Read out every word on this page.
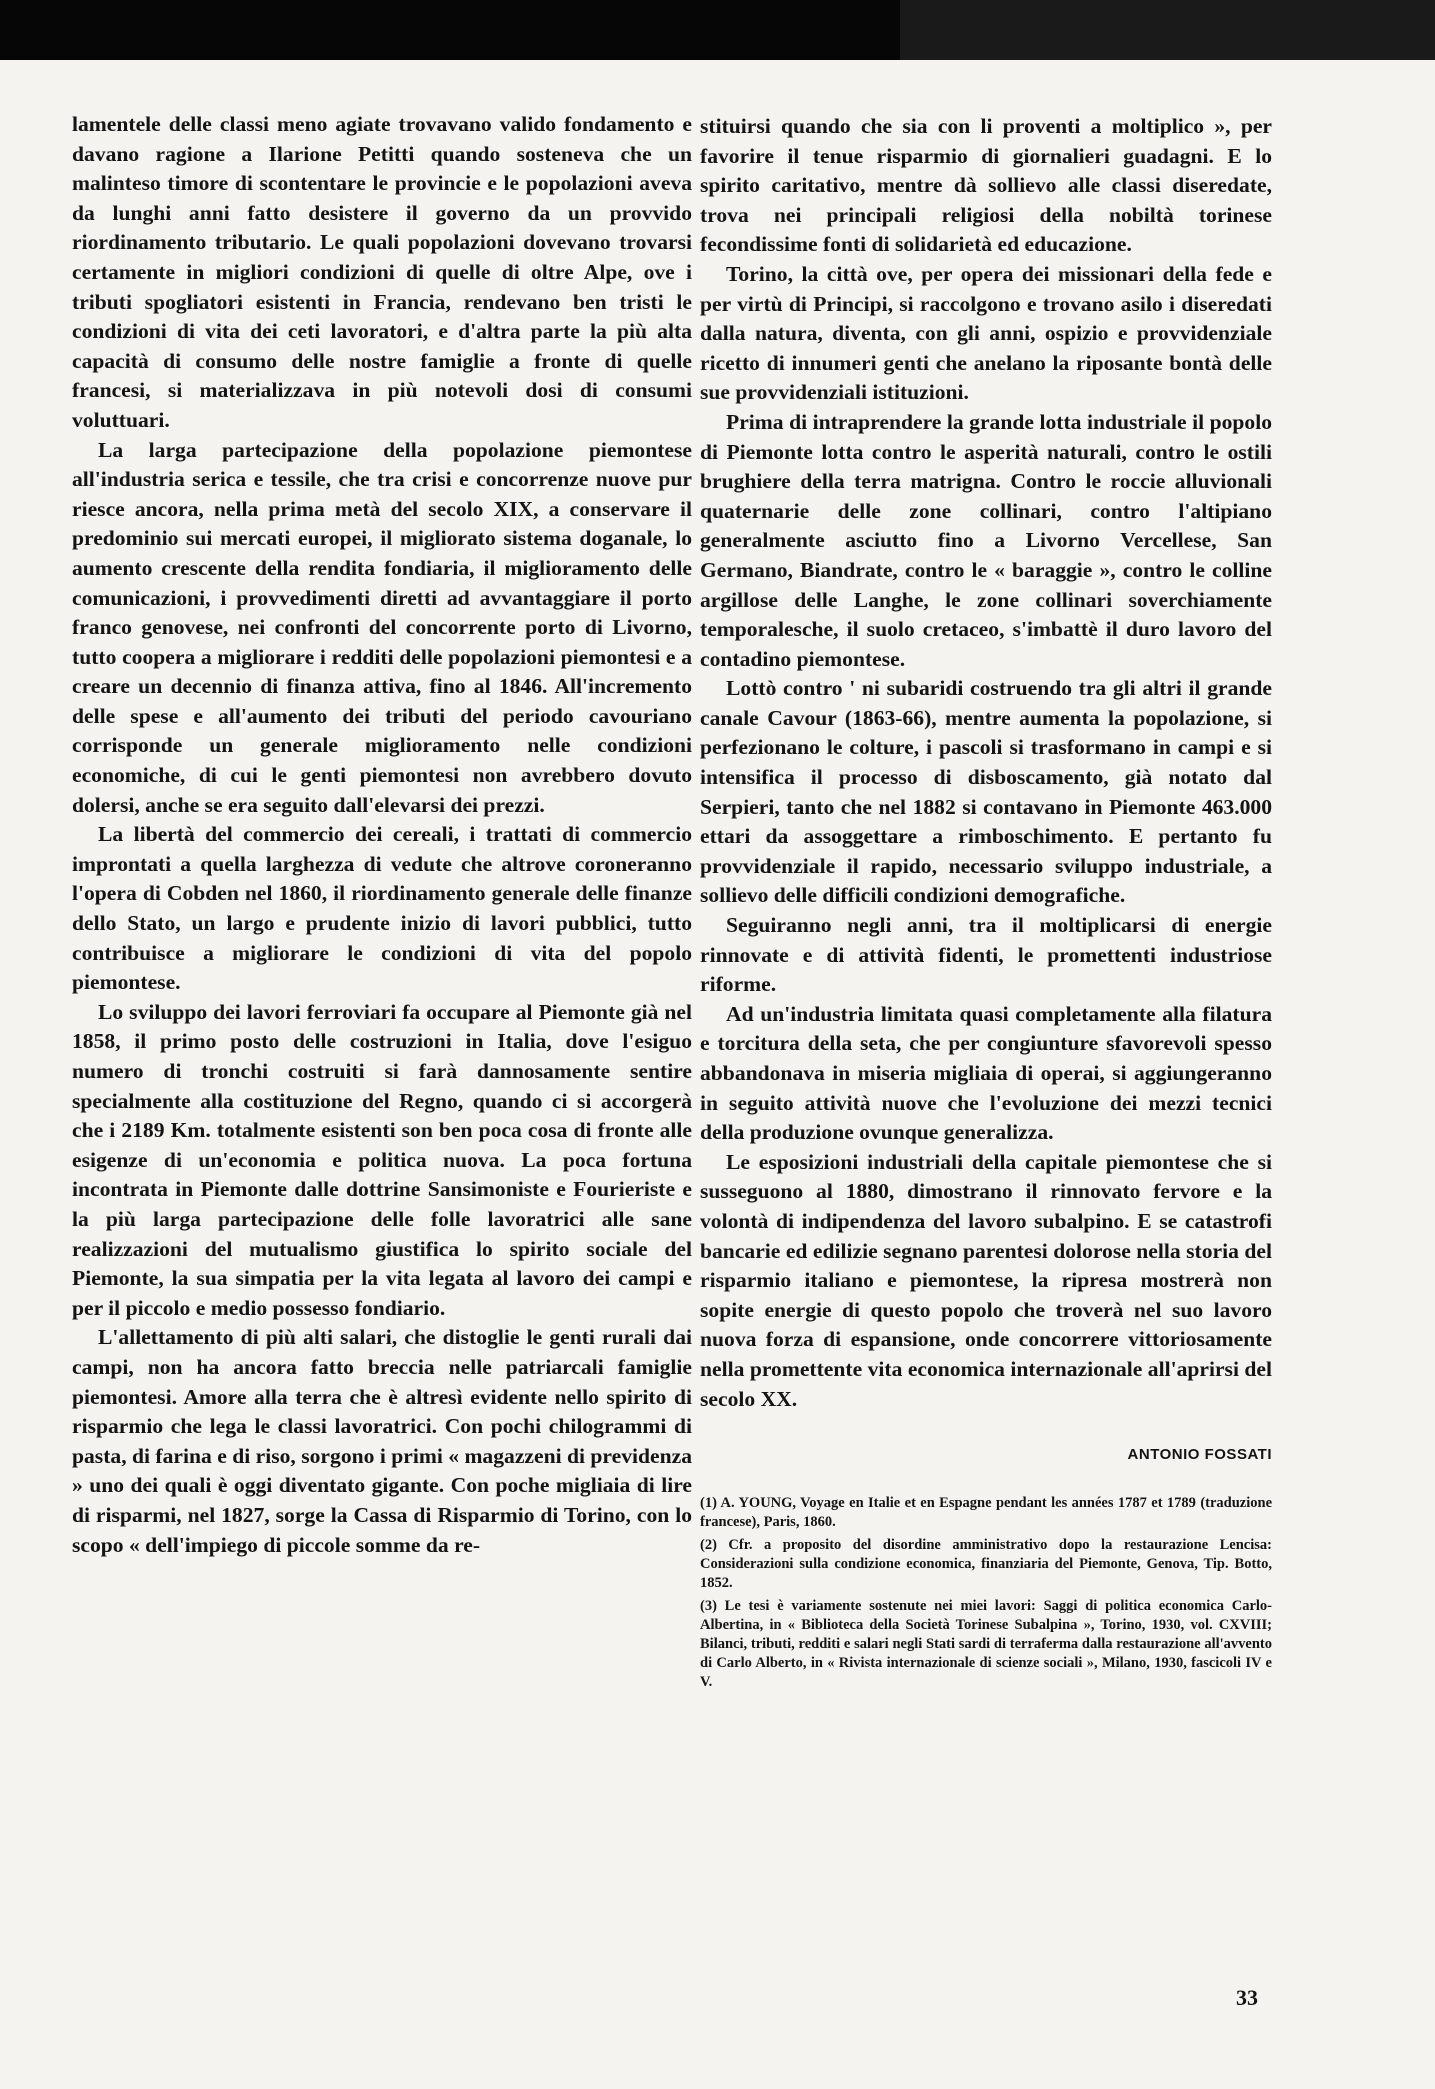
lamentele delle classi meno agiate trovavano valido fondamento e davano ragione a Ilarione Petitti quando sosteneva che un malinteso timore di scontentare le provincie e le popolazioni aveva da lunghi anni fatto desistere il governo da un provvido riordinamento tributario. Le quali popolazioni dovevano trovarsi certamente in migliori condizioni di quelle di oltre Alpe, ove i tributi spogliatori esistenti in Francia, rendevano ben tristi le condizioni di vita dei ceti lavoratori, e d'altra parte la più alta capacità di consumo delle nostre famiglie a fronte di quelle francesi, si materializzava in più notevoli dosi di consumi voluttuari.

La larga partecipazione della popolazione piemontese all'industria serica e tessile, che tra crisi e concorrenze nuove pur riesce ancora, nella prima metà del secolo XIX, a conservare il predominio sui mercati europei, il migliorato sistema doganale, lo aumento crescente della rendita fondiaria, il miglioramento delle comunicazioni, i provvedimenti diretti ad avvantaggiare il porto franco genovese, nei confronti del concorrente porto di Livorno, tutto coopera a migliorare i redditi delle popolazioni piemontesi e a creare un decennio di finanza attiva, fino al 1846. All'incremento delle spese e all'aumento dei tributi del periodo cavouriano corrisponde un generale miglioramento nelle condizioni economiche, di cui le genti piemontesi non avrebbero dovuto dolersi, anche se era seguito dall'elevarsi dei prezzi.

La libertà del commercio dei cereali, i trattati di commercio improntati a quella larghezza di vedute che altrove coroneranno l'opera di Cobden nel 1860, il riordinamento generale delle finanze dello Stato, un largo e prudente inizio di lavori pubblici, tutto contribuisce a migliorare le condizioni di vita del popolo piemontese.

Lo sviluppo dei lavori ferroviari fa occupare al Piemonte già nel 1858, il primo posto delle costruzioni in Italia, dove l'esiguo numero di tronchi costruiti si farà dannosamente sentire specialmente alla costituzione del Regno, quando ci si accorgerà che i 2189 Km. totalmente esistenti son ben poca cosa di fronte alle esigenze di un'economia e politica nuova. La poca fortuna incontrata in Piemonte dalle dottrine Sansimoniste e Fourieriste e la più larga partecipazione delle folle lavoratrici alle sane realizzazioni del mutualismo giustifica lo spirito sociale del Piemonte, la sua simpatia per la vita legata al lavoro dei campi e per il piccolo e medio possesso fondiario.

L'allettamento di più alti salari, che distoglie le genti rurali dai campi, non ha ancora fatto breccia nelle patriarcali famiglie piemontesi. Amore alla terra che è altresì evidente nello spirito di risparmio che lega le classi lavoratrici. Con pochi chilogrammi di pasta, di farina e di riso, sorgono i primi « magazzeni di previdenza » uno dei quali è oggi diventato gigante. Con poche migliaia di lire di risparmi, nel 1827, sorge la Cassa di Risparmio di Torino, con lo scopo « dell'impiego di piccole somme da re-

stituirsi quando che sia con li proventi a moltiplico », per favorire il tenue risparmio di giornalieri guadagni. E lo spirito caritativo, mentre dà sollievo alle classi diseredate, trova nei principali religiosi della nobiltà torinese fecondissime fonti di solidarietà ed educazione.

Torino, la città ove, per opera dei missionari della fede e per virtù di Principi, si raccolgono e trovano asilo i diseredati dalla natura, diventa, con gli anni, ospizio e provvidenziale ricetto di innumeri genti che anelano la riposante bontà delle sue provvidenziali istituzioni.

Prima di intraprendere la grande lotta industriale il popolo di Piemonte lotta contro le asperità naturali, contro le ostili brughiere della terra matrigna. Contro le roccie alluvionali quaternarie delle zone collinari, contro l'altipiano generalmente asciutto fino a Livorno Vercellese, San Germano, Biandrate, contro le « baraggie », contro le colline argillose delle Langhe, le zone collinari soverchiamente temporalesche, il suolo cretaceo, s'imbattè il duro lavoro del contadino piemontese.

Lottò contro ' ni subaridi costruendo tra gli altri il grande canale Cavour (1863-66), mentre aumenta la popolazione, si perfezionano le colture, i pascoli si trasformano in campi e si intensifica il processo di disboscamento, già notato dal Serpieri, tanto che nel 1882 si contavano in Piemonte 463.000 ettari da assoggettare a rimboschimento. E pertanto fu provvidenziale il rapido, necessario sviluppo industriale, a sollievo delle difficili condizioni demografiche.

Seguiranno negli anni, tra il moltiplicarsi di energie rinnovate e di attività fidenti, le promettenti industriose riforme.

Ad un'industria limitata quasi completamente alla filatura e torcitura della seta, che per congiunture sfavorevoli spesso abbandonava in miseria migliaia di operai, si aggiungeranno in seguito attività nuove che l'evoluzione dei mezzi tecnici della produzione ovunque generalizza.

Le esposizioni industriali della capitale piemontese che si susseguono al 1880, dimostrano il rinnovato fervore e la volontà di indipendenza del lavoro subalpino. E se catastrofi bancarie ed edilizie segnano parentesi dolorose nella storia del risparmio italiano e piemontese, la ripresa mostrerà non sopite energie di questo popolo che troverà nel suo lavoro nuova forza di espansione, onde concorrere vittoriosamente nella promettente vita economica internazionale all'aprirsi del secolo XX.

ANTONIO FOSSATI

(1) A. YOUNG, Voyage en Italie et en Espagne pendant les années 1787 et 1789 (traduzione francese), Paris, 1860.

(2) Cfr. a proposito del disordine amministrativo dopo la restaurazione Lencisa: Considerazioni sulla condizione economica, finanziaria del Piemonte, Genova, Tip. Botto, 1852.

(3) Le tesi è variamente sostenute nei miei lavori: Saggi di politica economica Carlo-Albertina, in « Biblioteca della Società Torinese Subalpina », Torino, 1930, vol. CXVIII; Bilanci, tributi, redditi e salari negli Stati sardi di terraferma dalla restaurazione all'avvento di Carlo Alberto, in « Rivista internazionale di scienze sociali », Milano, 1930, fascicoli IV e V.

33
